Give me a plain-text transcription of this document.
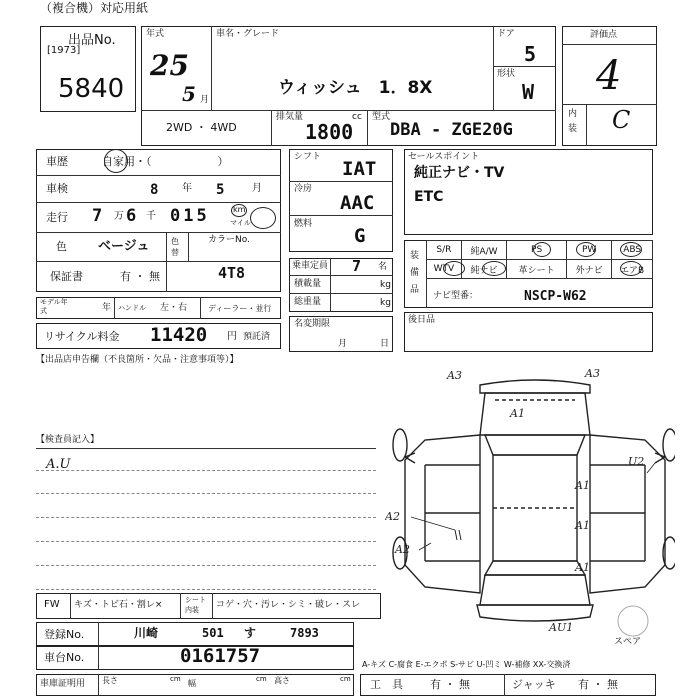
（複合機）対応用紙
出品No.
[1973]
5840
年式
25
5 月
車名・グレード
ウィッシュ　1．8X
ドア
5
形状
W
2WD ・ 4WD
排気量	cc
1800
型式
DBA - ZGE20G
評価点
4
内装 C
車歴	自家用・（　　　　　　）
車検	8 年 5	月
走行 7 万 6 千 015	km
マイル
色 ベージュ	色替
カラーNo.
保証書	有 ・ 無	4T8
モデル年式	年 ハンドル 左・右	ディーラー・並行
リサイクル料金 11420 円 預託済
シフト
IAT
冷房
AAC
燃料
G
乗車定員 7 名
積載量	kg
総重量	kg
名変期限
月	日
セールスポイント
純正ナビ・TV
ETC
装備品
S/R	純A/W	PS	PW	ABS
WTV	純ナビ	革シート	外ナビ	エアB
ナビ型番：	NSCP-W62
後日品
【出品店申告欄（不良箇所・欠品・注意事項等）】
【検査員記入】
A.U
A3	A3
A1
U2
A1
A1
A1
A2
A2
AU1
スペア
FW キズ・トビ石・割レ×	シート内装	コゲ・穴・汚レ・シミ・破レ・スレ
登録No.	川崎	501 す	7893
車台No.	0161757	A-キズ C-腐食 E-エクボ S-サビ U-凹ミ W-補修 XX-交換済
車庫証明用 長さ	cm 幅	cm 高さ	cm 工　具 有 ・ 無	ジャッキ 有 ・ 無
